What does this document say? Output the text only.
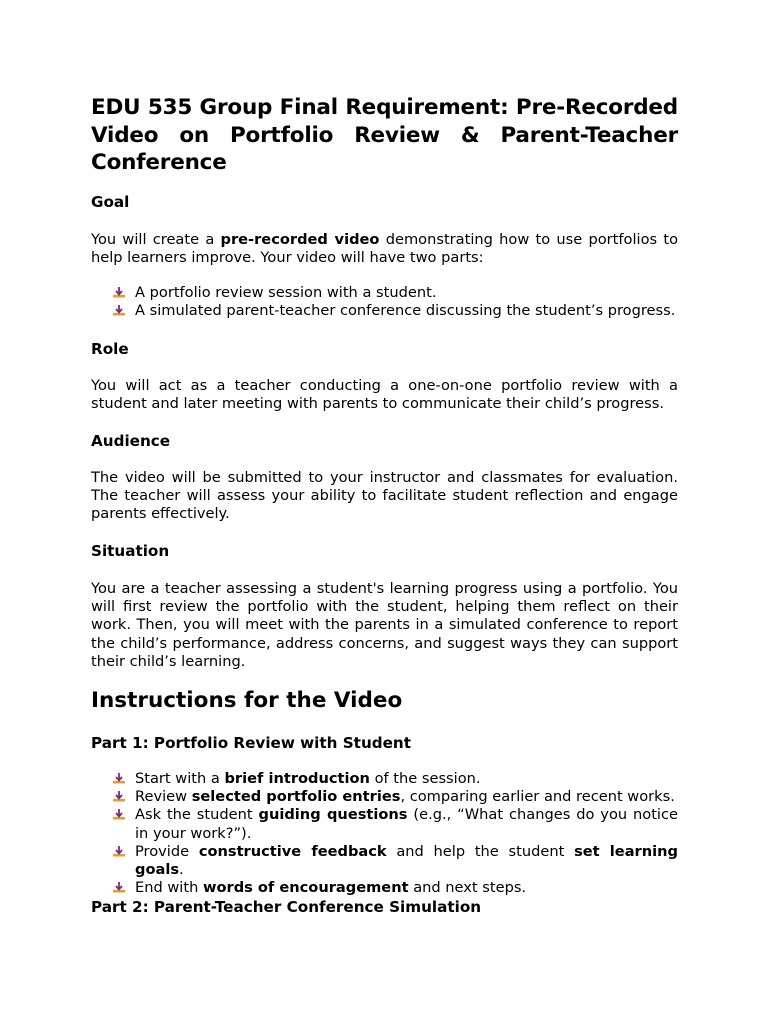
EDU 535 Group Final Requirement: Pre-Recorded Video on Portfolio Review & Parent-Teacher Conference
Goal
You will create a pre-recorded video demonstrating how to use portfolios to help learners improve. Your video will have two parts:
A portfolio review session with a student.
A simulated parent-teacher conference discussing the student’s progress.
Role
You will act as a teacher conducting a one-on-one portfolio review with a student and later meeting with parents to communicate their child’s progress.
Audience
The video will be submitted to your instructor and classmates for evaluation. The teacher will assess your ability to facilitate student reflection and engage parents effectively.
Situation
You are a teacher assessing a student's learning progress using a portfolio. You will first review the portfolio with the student, helping them reflect on their work. Then, you will meet with the parents in a simulated conference to report the child’s performance, address concerns, and suggest ways they can support their child’s learning.
Instructions for the Video
Part 1: Portfolio Review with Student
Start with a brief introduction of the session.
Review selected portfolio entries, comparing earlier and recent works.
Ask the student guiding questions (e.g., “What changes do you notice in your work?”).
Provide constructive feedback and help the student set learning goals.
End with words of encouragement and next steps.
Part 2: Parent-Teacher Conference Simulation
